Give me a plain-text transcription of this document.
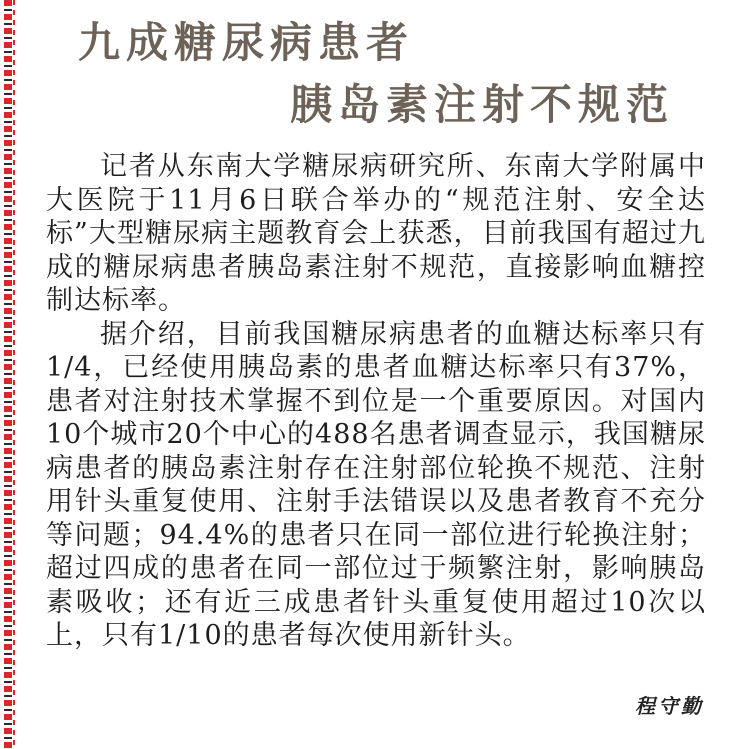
九成糖尿病患者
胰岛素注射不规范

记者从东南大学糖尿病研究所、东南大学附属中大医院于11月6日联合举办的“规范注射、安全达标”大型糖尿病主题教育会上获悉，目前我国有超过九成的糖尿病患者胰岛素注射不规范，直接影响血糖控制达标率。

据介绍，目前我国糖尿病患者的血糖达标率只有1/4，已经使用胰岛素的患者血糖达标率只有37%，患者对注射技术掌握不到位是一个重要原因。对国内10个城市20个中心的488名患者调查显示，我国糖尿病患者的胰岛素注射存在注射部位轮换不规范、注射用针头重复使用、注射手法错误以及患者教育不充分等问题；94.4%的患者只在同一部位进行轮换注射；超过四成的患者在同一部位过于频繁注射，影响胰岛素吸收；还有近三成患者针头重复使用超过10次以上，只有1/10的患者每次使用新针头。

程守勤
